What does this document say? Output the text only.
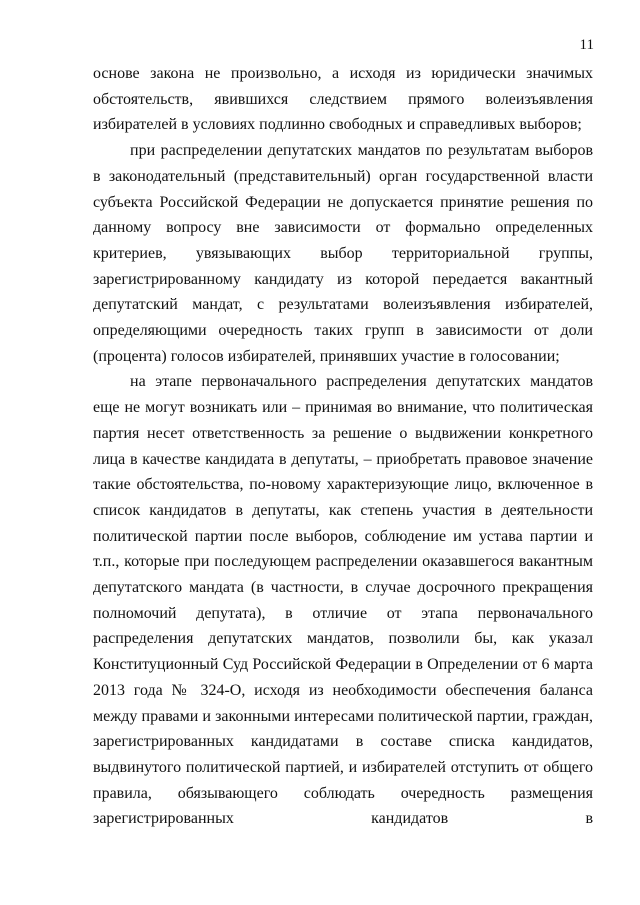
11

основе закона не произвольно, а исходя из юридически значимых обстоятельств, явившихся следствием прямого волеизъявления избирателей в условиях подлинно свободных и справедливых выборов;

при распределении депутатских мандатов по результатам выборов в законодательный (представительный) орган государственной власти субъекта Российской Федерации не допускается принятие решения по данному вопросу вне зависимости от формально определенных критериев, увязывающих выбор территориальной группы, зарегистрированному кандидату из которой передается вакантный депутатский мандат, с результатами волеизъявления избирателей, определяющими очередность таких групп в зависимости от доли (процента) голосов избирателей, принявших участие в голосовании;

на этапе первоначального распределения депутатских мандатов еще не могут возникать или – принимая во внимание, что политическая партия несет ответственность за решение о выдвижении конкретного лица в качестве кандидата в депутаты, – приобретать правовое значение такие обстоятельства, по-новому характеризующие лицо, включенное в список кандидатов в депутаты, как степень участия в деятельности политической партии после выборов, соблюдение им устава партии и т.п., которые при последующем распределении оказавшегося вакантным депутатского мандата (в частности, в случае досрочного прекращения полномочий депутата), в отличие от этапа первоначального распределения депутатских мандатов, позволили бы, как указал Конституционный Суд Российской Федерации в Определении от 6 марта 2013 года № 324-О, исходя из необходимости обеспечения баланса между правами и законными интересами политической партии, граждан, зарегистрированных кандидатами в составе списка кандидатов, выдвинутого политической партией, и избирателей отступить от общего правила, обязывающего соблюдать очередность размещения зарегистрированных кандидатов в
